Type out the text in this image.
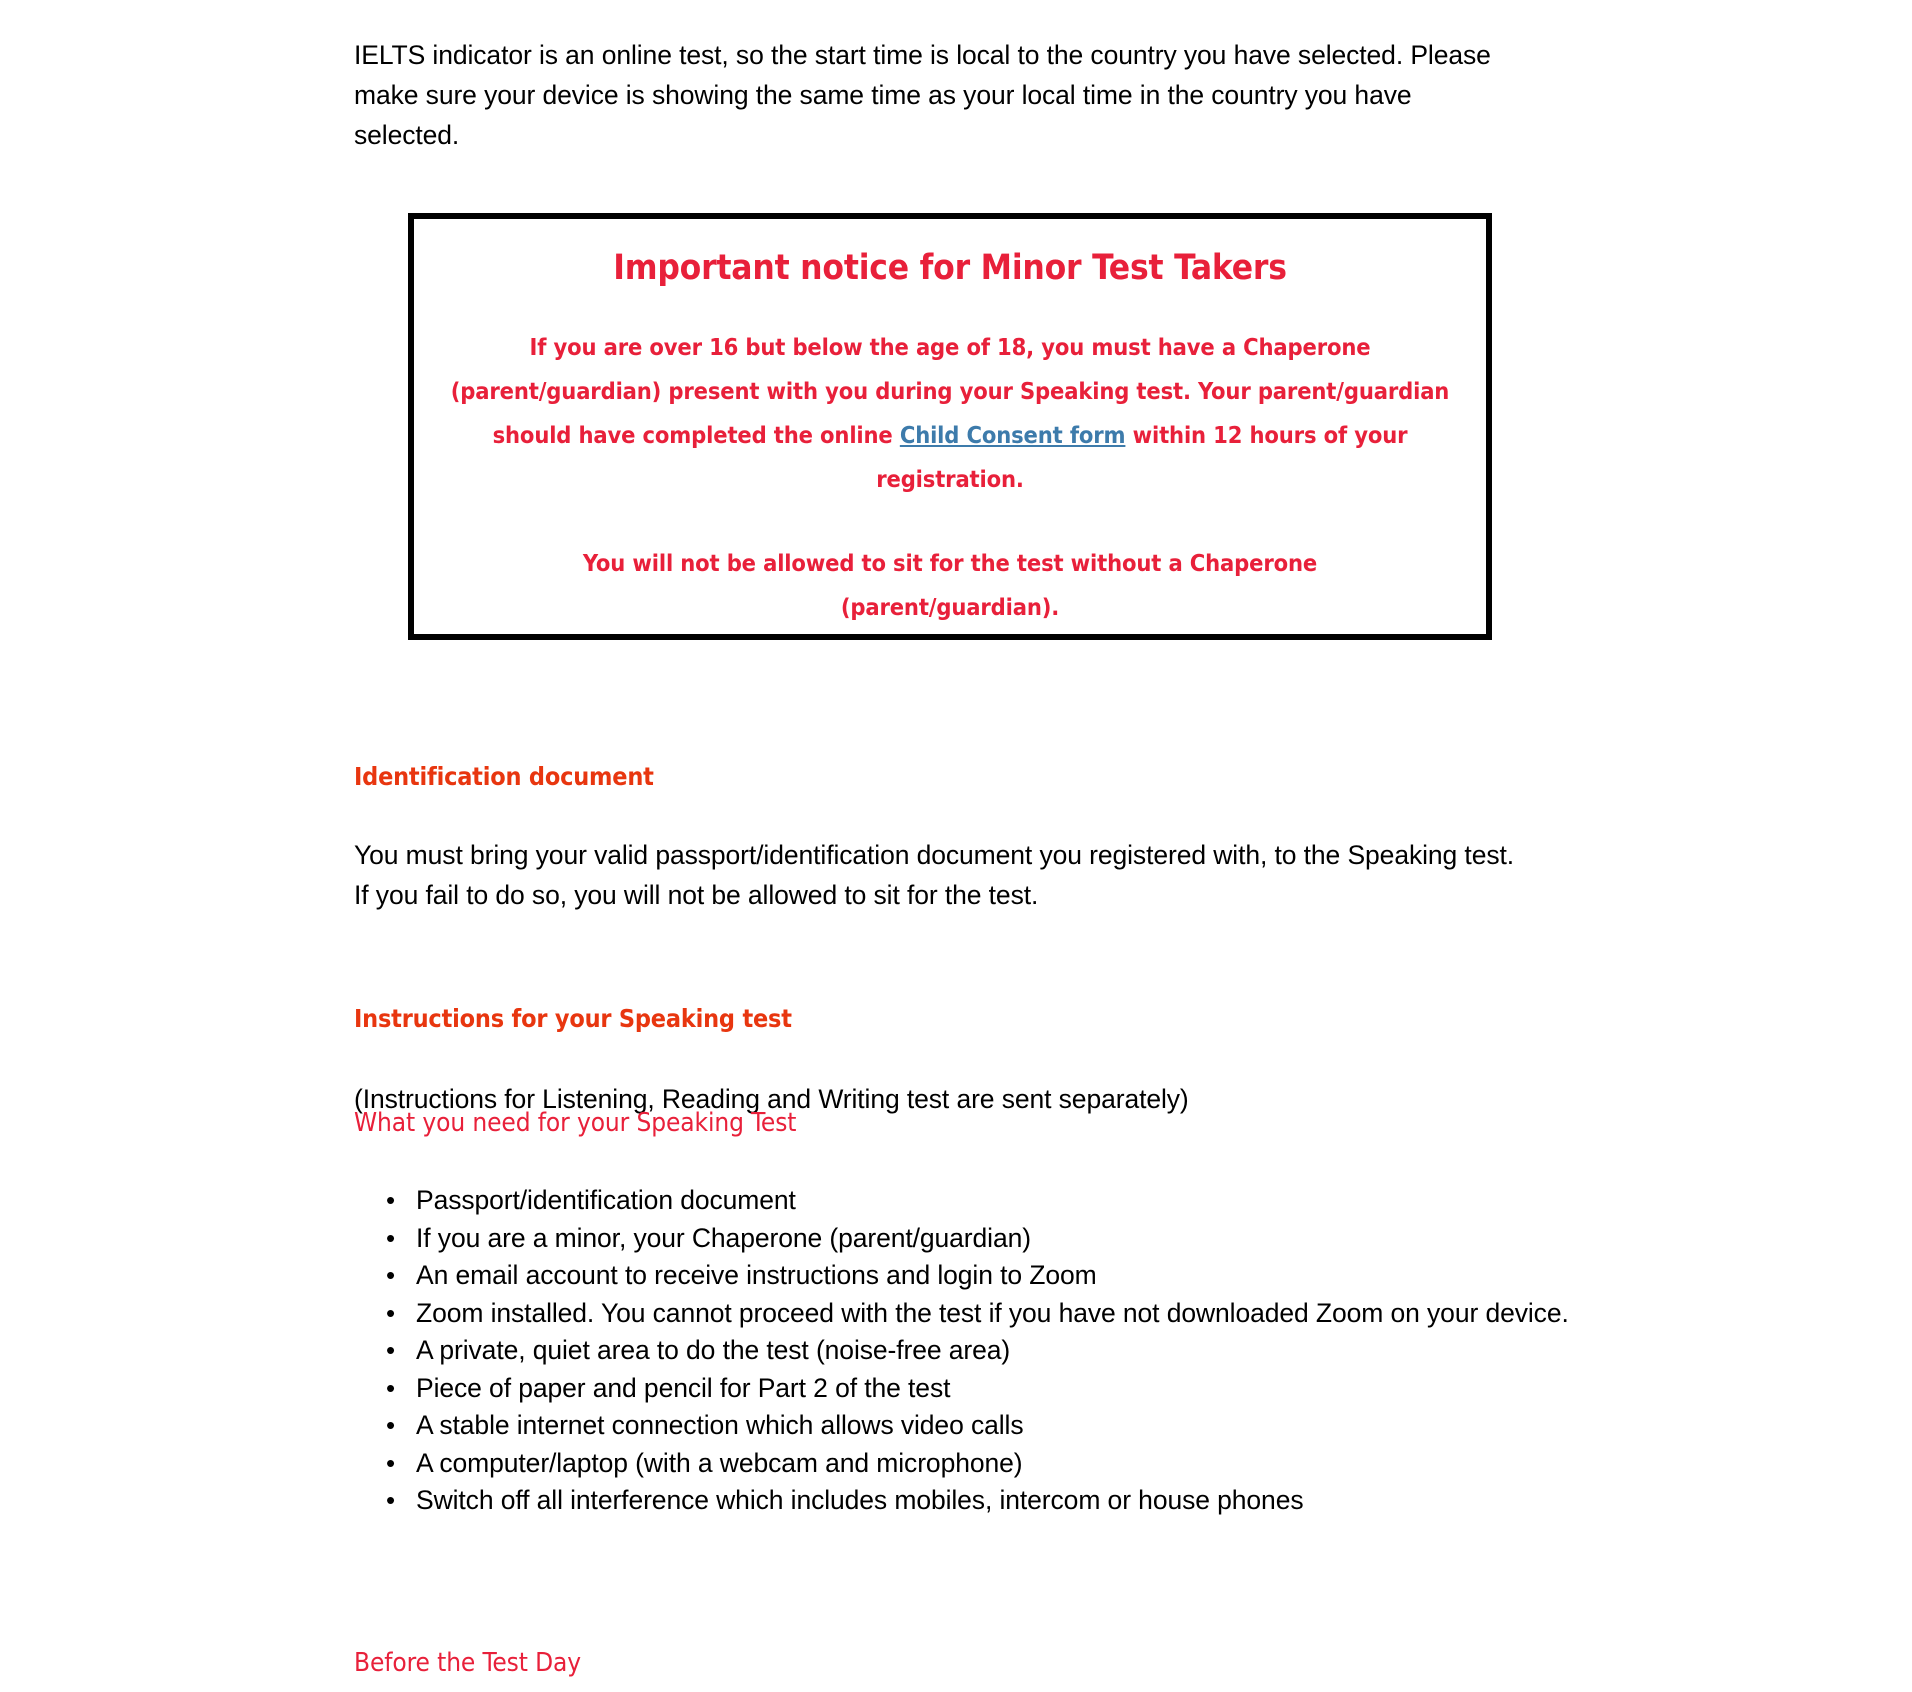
IELTS indicator is an online test, so the start time is local to the country you have selected. Please make sure your device is showing the same time as your local time in the country you have selected.

Important notice for Minor Test Takers
If you are over 16 but below the age of 18, you must have a Chaperone (parent/guardian) present with you during your Speaking test. Your parent/guardian should have completed the online Child Consent form within 12 hours of your registration.
You will not be allowed to sit for the test without a Chaperone (parent/guardian).
Identification document

You must bring your valid passport/identification document you registered with, to the Speaking test. If you fail to do so, you will not be allowed to sit for the test.

Instructions for your Speaking test

(Instructions for Listening, Reading and Writing test are sent separately)

What you need for your Speaking Test
• Passport/identification document
• If you are a minor, your Chaperone (parent/guardian)
• An email account to receive instructions and login to Zoom
• Zoom installed. You cannot proceed with the test if you have not downloaded Zoom on your device.
• A private, quiet area to do the test (noise-free area)
• Piece of paper and pencil for Part 2 of the test
• A stable internet connection which allows video calls
• A computer/laptop (with a webcam and microphone)
• Switch off all interference which includes mobiles, intercom or house phones
Before the Test Day
